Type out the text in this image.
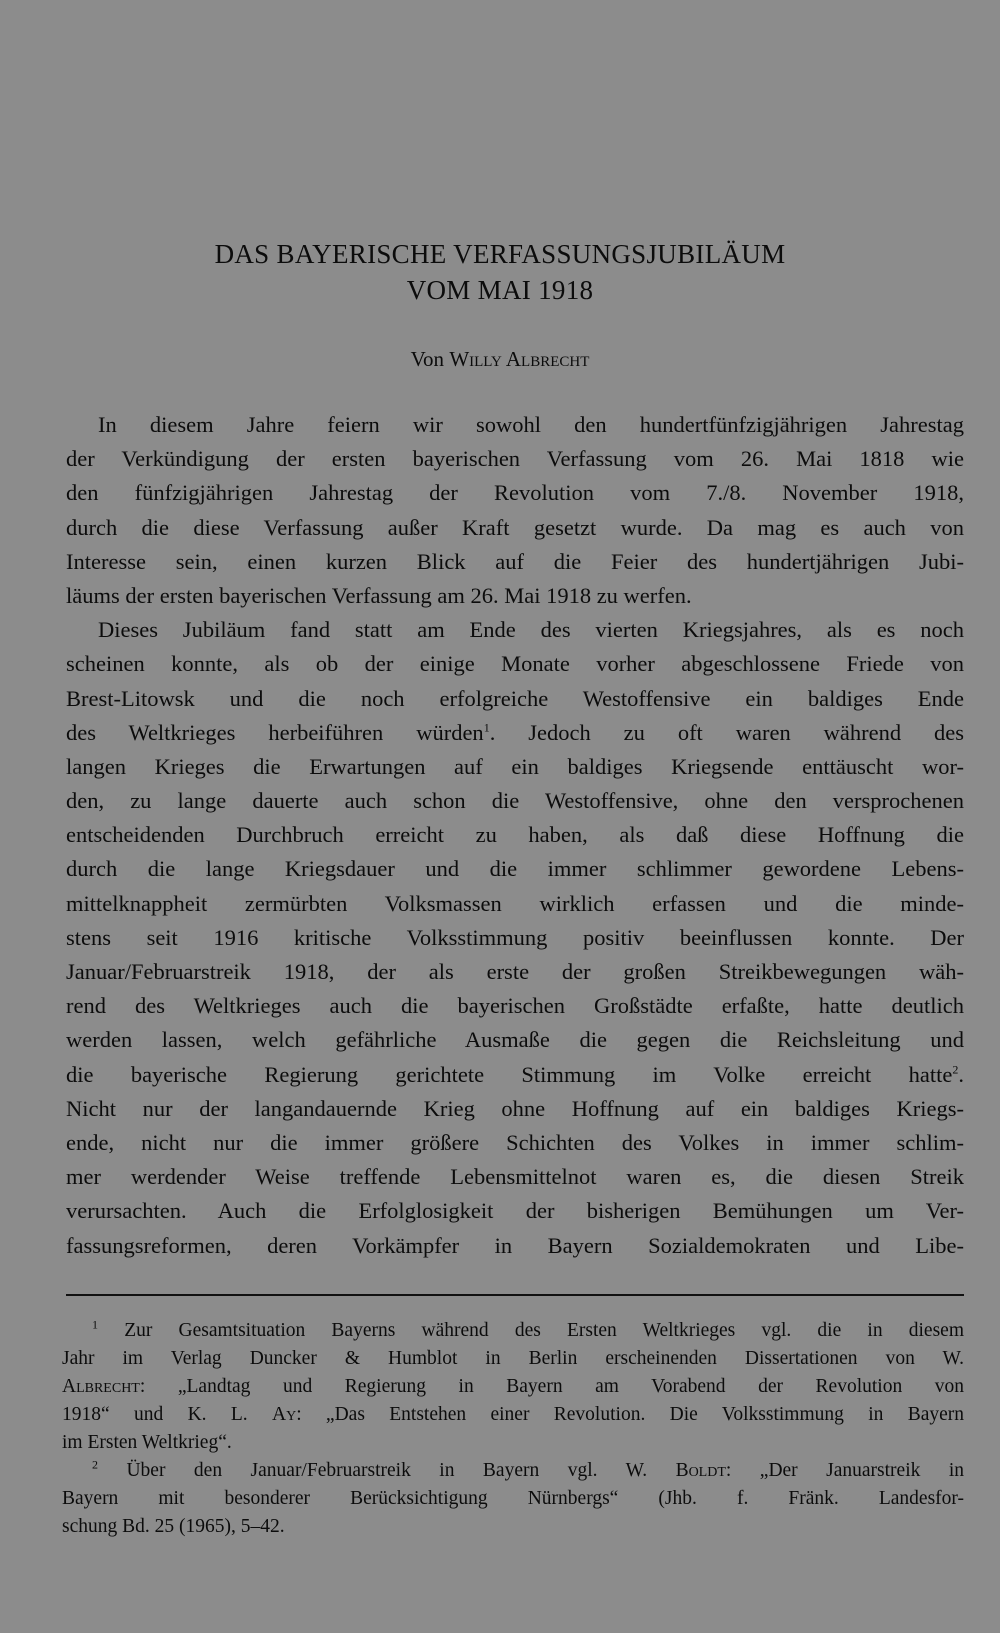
DAS BAYERISCHE VERFASSUNGSJUBILÄUM
VOM MAI 1918
Von Willy Albrecht
In diesem Jahre feiern wir sowohl den hundertfünfzigjährigen Jahrestag
der Verkündigung der ersten bayerischen Verfassung vom 26. Mai 1818 wie
den fünfzigjährigen Jahrestag der Revolution vom 7./8. November 1918,
durch die diese Verfassung außer Kraft gesetzt wurde. Da mag es auch von
Interesse sein, einen kurzen Blick auf die Feier des hundertjährigen Jubi-
läums der ersten bayerischen Verfassung am 26. Mai 1918 zu werfen.
Dieses Jubiläum fand statt am Ende des vierten Kriegsjahres, als es noch
scheinen konnte, als ob der einige Monate vorher abgeschlossene Friede von
Brest-Litowsk und die noch erfolgreiche Westoffensive ein baldiges Ende
des Weltkrieges herbeiführen würden$^1$. Jedoch zu oft waren während des
langen Krieges die Erwartungen auf ein baldiges Kriegsende enttäuscht wor-
den, zu lange dauerte auch schon die Westoffensive, ohne den versprochenen
entscheidenden Durchbruch erreicht zu haben, als daß diese Hoffnung die
durch die lange Kriegsdauer und die immer schlimmer gewordene Lebens-
mittelknappheit zermürbten Volksmassen wirklich erfassen und die minde-
stens seit 1916 kritische Volksstimmung positiv beeinflussen konnte. Der
Januar/Februarstreik 1918, der als erste der großen Streikbewegungen wäh-
rend des Weltkrieges auch die bayerischen Großstädte erfaßte, hatte deutlich
werden lassen, welch gefährliche Ausmaße die gegen die Reichsleitung und
die bayerische Regierung gerichtete Stimmung im Volke erreicht hatte$^2$.
Nicht nur der langandauernde Krieg ohne Hoffnung auf ein baldiges Kriegs-
ende, nicht nur die immer größere Schichten des Volkes in immer schlim-
mer werdender Weise treffende Lebensmittelnot waren es, die diesen Streik
verursachten. Auch die Erfolglosigkeit der bisherigen Bemühungen um Ver-
fassungsreformen, deren Vorkämpfer in Bayern Sozialdemokraten und Libe-
$^1$ Zur Gesamtsituation Bayerns während des Ersten Weltkrieges vgl. die in diesem
Jahr im Verlag Duncker & Humblot in Berlin erscheinenden Dissertationen von W.
Albrecht: „Landtag und Regierung in Bayern am Vorabend der Revolution von
1918“ und K. L. Ay: „Das Entstehen einer Revolution. Die Volksstimmung in Bayern
im Ersten Weltkrieg“.
$^2$ Über den Januar/Februarstreik in Bayern vgl. W. Boldt: „Der Januarstreik in
Bayern mit besonderer Berücksichtigung Nürnbergs“ (Jhb. f. Fränk. Landesfor-
schung Bd. 25 (1965), 5–42.
